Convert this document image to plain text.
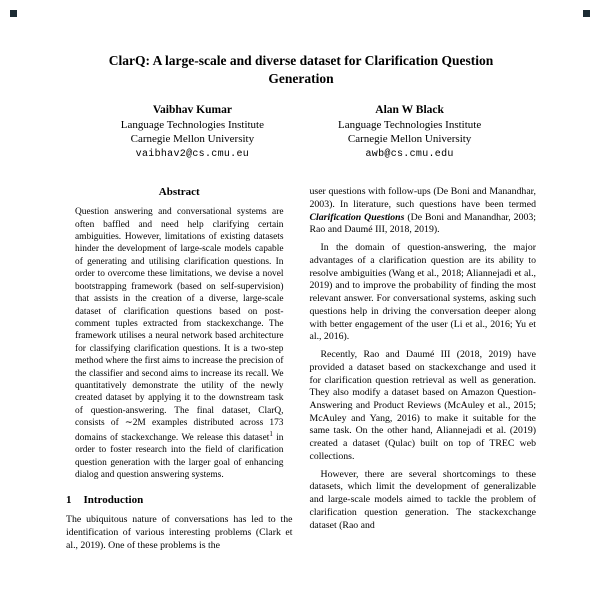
ClarQ: A large-scale and diverse dataset for Clarification Question
Generation
Vaibhav Kumar
Language Technologies Institute
Carnegie Mellon University
vaibhav2@cs.cmu.eu
Alan W Black
Language Technologies Institute
Carnegie Mellon University
awb@cs.cmu.edu
Abstract
Question answering and conversational systems are often baffled and need help clarifying certain ambiguities. However, limitations of existing datasets hinder the development of large-scale models capable of generating and utilising clarification questions. In order to overcome these limitations, we devise a novel bootstrapping framework (based on self-supervision) that assists in the creation of a diverse, large-scale dataset of clarification questions based on post-comment tuples extracted from stackexchange. The framework utilises a neural network based architecture for classifying clarification questions. It is a two-step method where the first aims to increase the precision of the classifier and second aims to increase its recall. We quantitatively demonstrate the utility of the newly created dataset by applying it to the downstream task of question-answering. The final dataset, ClarQ, consists of ∼2M examples distributed across 173 domains of stackexchange. We release this dataset$^1$ in order to foster research into the field of clarification question generation with the larger goal of enhancing dialog and question answering systems.
1 Introduction

The ubiquitous nature of conversations has led to the identification of various interesting problems (Clark et al., 2019). One of these problems is the

user questions with follow-ups (De Boni and Manandhar, 2003). In literature, such questions have been termed Clarification Questions (De Boni and Manandhar, 2003; Rao and Daumé III, 2018, 2019).

In the domain of question-answering, the major advantages of a clarification question are its ability to resolve ambiguities (Wang et al., 2018; Aliannejadi et al., 2019) and to improve the probability of finding the most relevant answer. For conversational systems, asking such questions help in driving the conversation deeper along with better engagement of the user (Li et al., 2016; Yu et al., 2016).

Recently, Rao and Daumé III (2018, 2019) have provided a dataset based on stackexchange and used it for clarification question retrieval as well as generation. They also modify a dataset based on Amazon Question-Answering and Product Reviews (McAuley et al., 2015; McAuley and Yang, 2016) to make it suitable for the same task. On the other hand, Aliannejadi et al. (2019) created a dataset (Qulac) built on top of TREC web collections.

However, there are several shortcomings to these datasets, which limit the development of generalizable and large-scale models aimed to tackle the problem of clarification question generation. The stackexchange dataset (Rao and
